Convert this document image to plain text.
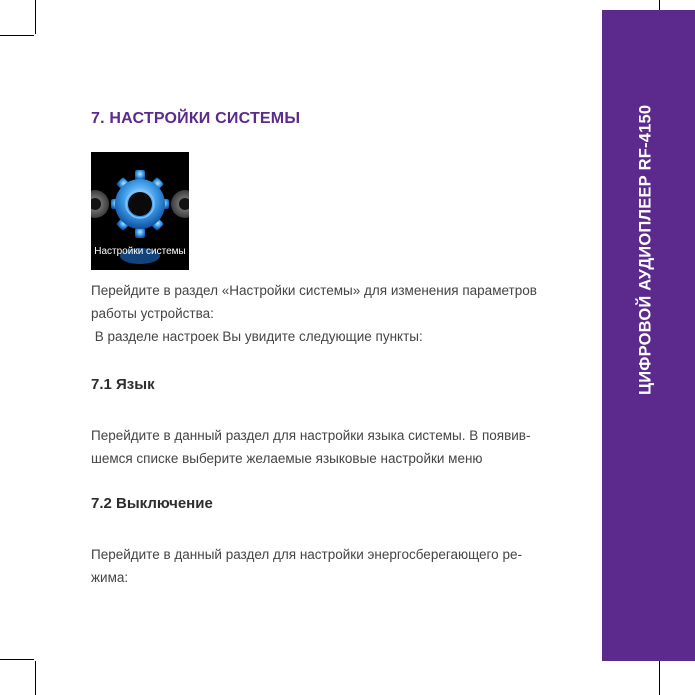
ЦИФРОВОЙ АУДИОПЛЕЕР RF-4150
7. НАСТРОЙКИ СИСТЕМЫ
Настройки системы
Перейдите в раздел «Настройки системы» для изменения параметров
работы устройства:
В разделе настроек Вы увидите следующие пункты:
7.1 Язык
Перейдите в данный раздел для настройки языка системы. В появив-
шемся списке выберите желаемые языковые настройки меню
7.2 Выключение
Перейдите в данный раздел для настройки энергосберегающего ре-
жима:
